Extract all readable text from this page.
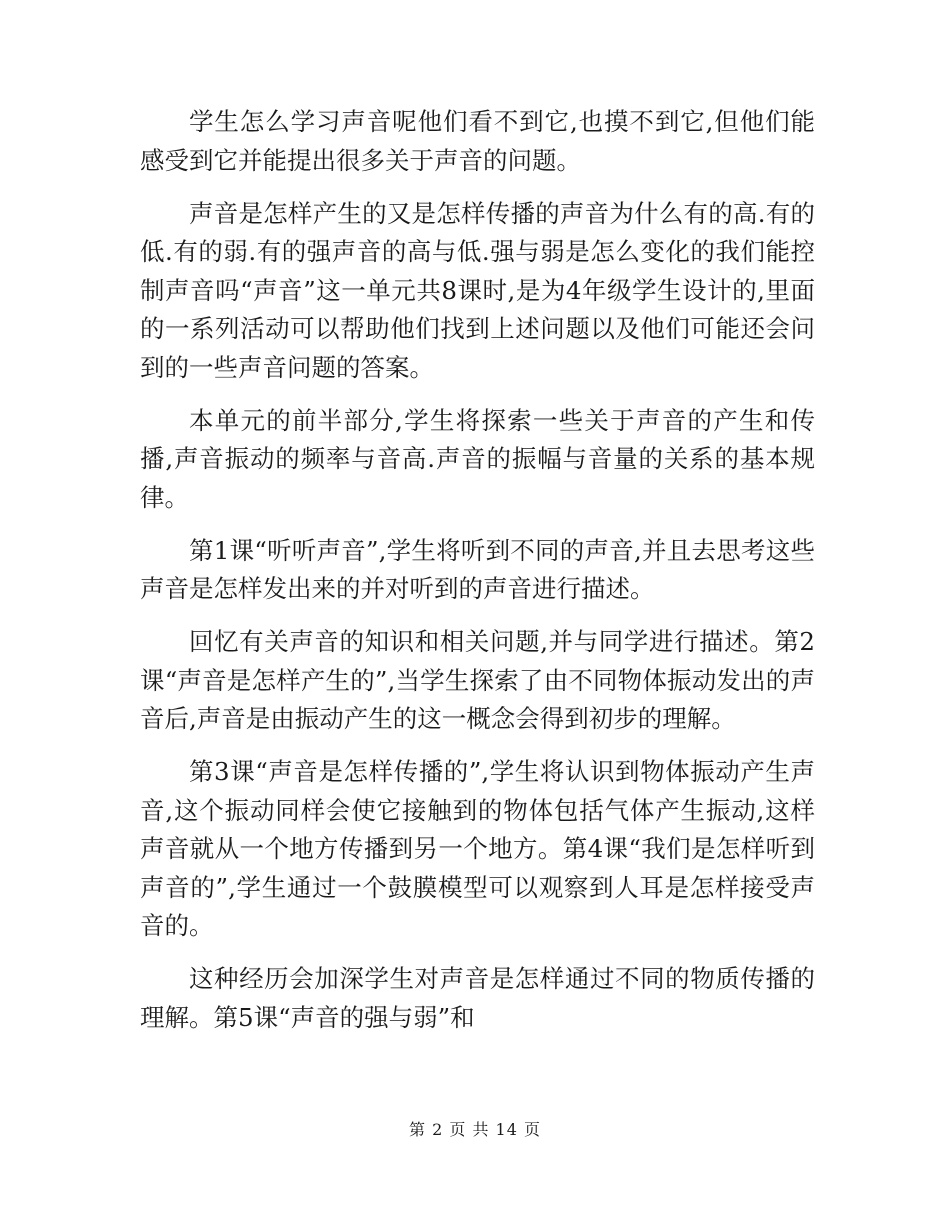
学生怎么学习声音呢他们看不到它,也摸不到它,但他们能感受到它并能提出很多关于声音的问题。

声音是怎样产生的又是怎样传播的声音为什么有的高.有的低.有的弱.有的强声音的高与低.强与弱是怎么变化的我们能控制声音吗“声音”这一单元共8课时,是为4年级学生设计的,里面的一系列活动可以帮助他们找到上述问题以及他们可能还会问到的一些声音问题的答案。

本单元的前半部分,学生将探索一些关于声音的产生和传播,声音振动的频率与音高.声音的振幅与音量的关系的基本规律。

第1课“听听声音”,学生将听到不同的声音,并且去思考这些声音是怎样发出来的并对听到的声音进行描述。

回忆有关声音的知识和相关问题,并与同学进行描述。第2课“声音是怎样产生的”,当学生探索了由不同物体振动发出的声音后,声音是由振动产生的这一概念会得到初步的理解。

第3课“声音是怎样传播的”,学生将认识到物体振动产生声音,这个振动同样会使它接触到的物体包括气体产生振动,这样声音就从一个地方传播到另一个地方。第4课“我们是怎样听到声音的”,学生通过一个鼓膜模型可以观察到人耳是怎样接受声音的。

这种经历会加深学生对声音是怎样通过不同的物质传播的理解。第5课“声音的强与弱”和

第 2 页 共 14 页
